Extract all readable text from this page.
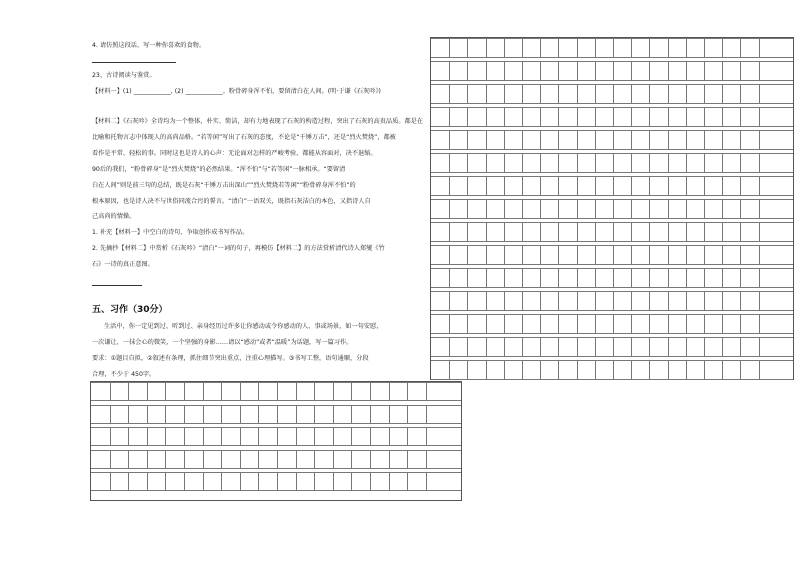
4. 请仿照这段话，写一种你喜欢的食物。
23、古诗阅读与鉴赏。
【材料一】(1) ____________, (2) ____________。粉骨碎身浑不怕，要留清白在人间。(明·于谦《石灰吟》)
【材料二】《石灰吟》全诗均为一个整体，朴实、简洁，却有力地表现了石灰的构造过程，突出了石灰的高贵品质。都是在
比喻和托物言志中体现人的高尚品格。“若等闲”写出了石灰的态度，不论是“千锤万击”，还是“烈火焚烧”，都被
看作是平常、轻松的事。同时这也是诗人的心声：无论面对怎样的严峻考验，都能从容面对，决不退缩。
90后的我们，“粉骨碎身”是“烈火焚烧”的必然结果。“浑不怕”与“若等闲”一脉相承。“要留清
白在人间”则是前三句的总结，既是石灰“千锤万击出深山”“烈火焚烧若等闲”“粉骨碎身浑不怕”的
根本原因，也是诗人决不与世俗同流合污的誓言。“清白”一语双关，既指石灰洁白的本色，又指诗人自
己高尚的情操。
1. 补充【材料一】中空白的诗句，争取创作成书写作品。
2. 先摘抄【材料二】中赏析《石灰吟》“清白”一词的句子，再模仿【材料二】的方法赏析清代诗人郑燮《竹
石》一诗的真正意图。
五、习作（30分）
生活中，你一定见到过、听到过、亲身经历过许多让你感动或令你感动的人、事或场景，如一句安慰，
一次谦让，一抹会心的微笑，一个坚强的身影……请以“感动”或者“温暖”为话题，写一篇习作。
要求：①题目自拟。②叙述有条理，抓住细节突出重点，注重心理描写。③书写工整，语句通顺，分段
合理，不少于 450字。
